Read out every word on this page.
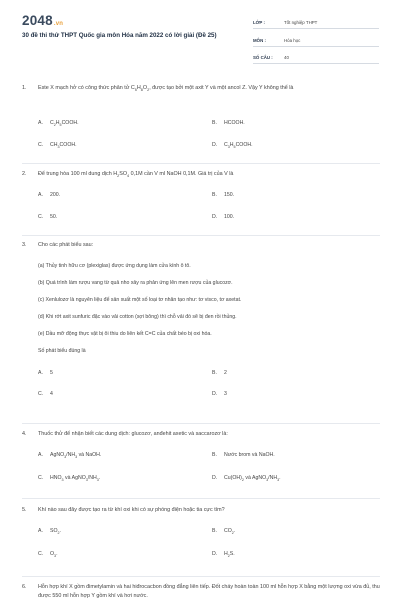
2048.vn
30 đề thi thử THPT Quốc gia môn Hóa năm 2022 có lời giải (Đề 25)
LỚP :	Tốt nghiệp THPT
MÔN :	Hóa học
SỐ CÂU :	40
1.	Este X mạch hở có công thức phân tử $C_5H_8O_2$, được tạo bởi một axit Y và một ancol Z. Vậy Y không thể là
A. $C_2H_5COOH$.	B. HCOOH.
C. $CH_3COOH$.	D. $C_3H_5COOH$.
2.	Để trung hòa 100 ml dung dịch $H_2SO_4$ 0,1M cần V ml NaOH 0,1M. Giá trị của V là
A. 200.	B. 150.
C. 50.	D. 100.
3.	Cho các phát biểu sau:
(a) Thủy tinh hữu cơ (plexiglas) được ứng dụng làm cửa kính ô tô.
(b) Quá trình làm rượu vang từ quả nho xảy ra phản ứng lên men rượu của glucozơ.
(c) Xenlulozơ là nguyên liệu để sản xuất một số loại tơ nhân tạo như: tơ visco, tơ axetat.
(d) Khi rớt axit sunfuric đặc vào vải cotton (sợi bông) thì chỗ vải đó sẽ bị đen rồi thủng.
(e) Dầu mỡ động thực vật bị ôi thiu do liên kết C=C của chất béo bị oxi hóa.
Số phát biểu đúng là
A. 5	B. 2
C. 4	D. 3
4.	Thuốc thử để nhận biết các dung dịch: glucozơ, anđehit axetic và saccarozơ là:
A. $AgNO_3/NH_3$ và NaOH.	B. Nước brom và NaOH.
C. $HNO_3$ và $AgNO_3/NH_3$.	D. $Cu(OH)_2$ và $AgNO_3/NH_3$.
5.	Khí nào sau đây được tạo ra từ khí oxi khi có sự phóng điện hoặc tia cực tím?
A. $SO_2$.	B. $CO_2$.
C. $O_3$.	D. $H_2S$.
6.	Hỗn hợp khí X gồm đimetylamin và hai hiđrocacbon đồng đẳng liên tiếp. Đốt cháy hoàn toàn 100 ml hỗn hợp X bằng một lượng oxi vừa đủ, thu được 550 ml hỗn hợp Y gồm khí và hơi nước.
